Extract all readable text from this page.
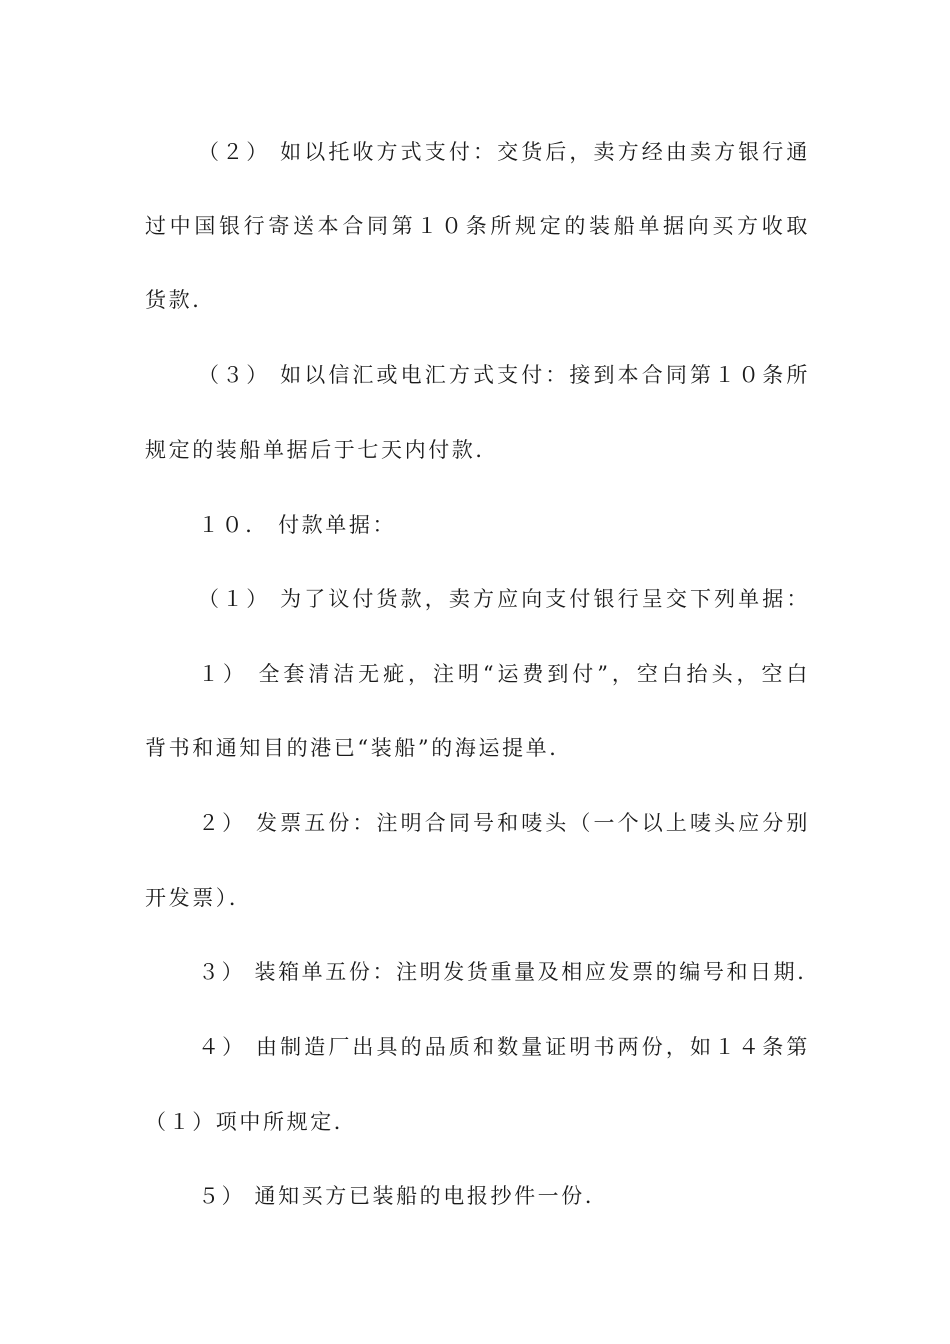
（２） 如以托收方式支付：交货后，卖方经由卖方银行通
过中国银行寄送本合同第１０条所规定的装船单据向买方收取
货款．
（３） 如以信汇或电汇方式支付：接到本合同第１０条所
规定的装船单据后于七天内付款．
１０． 付款单据：
（１） 为了议付货款，卖方应向支付银行呈交下列单据：
１） 全套清洁无疵，注明“运费到付”，空白抬头，空白
背书和通知目的港已“装船”的海运提单．
２） 发票五份：注明合同号和唛头（一个以上唛头应分别
开发票）．
３） 装箱单五份：注明发货重量及相应发票的编号和日期．
４） 由制造厂出具的品质和数量证明书两份，如１４条第
（１）项中所规定．
５） 通知买方已装船的电报抄件一份．
